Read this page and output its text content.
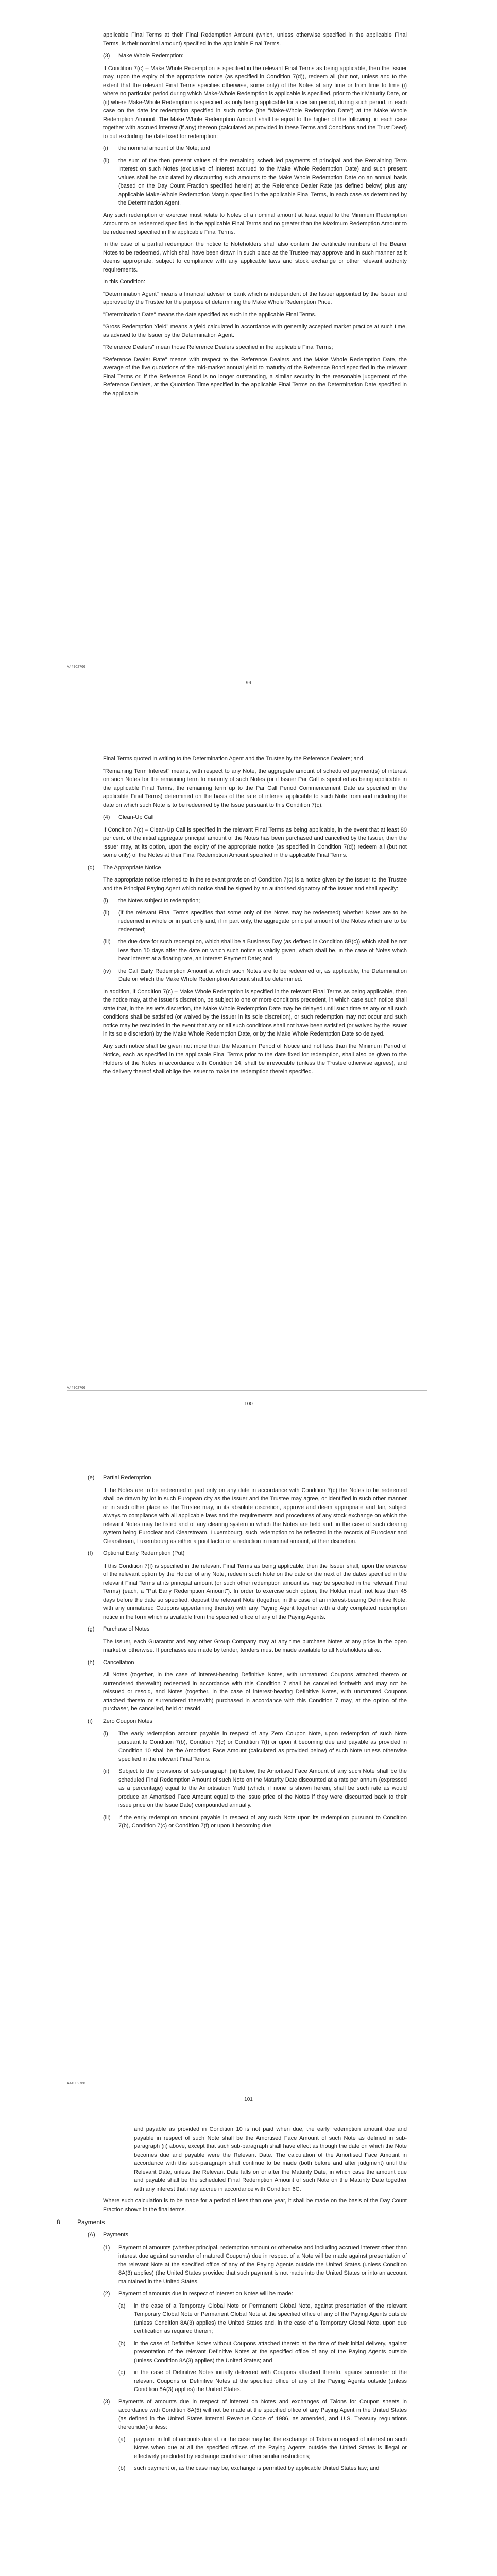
applicable Final Terms at their Final Redemption Amount (which, unless otherwise specified in the applicable Final Terms, is their nominal amount) specified in the applicable Final Terms.

(3)	Make Whole Redemption:

If Condition 7(c) – Make Whole Redemption is specified in the relevant Final Terms as being applicable, then the Issuer may, upon the expiry of the appropriate notice (as specified in Condition 7(d)), redeem all (but not, unless and to the extent that the relevant Final Terms specifies otherwise, some only) of the Notes at any time or from time to time (i) where no particular period during which Make-Whole Redemption is applicable is specified, prior to their Maturity Date, or (ii) where Make-Whole Redemption is specified as only being applicable for a certain period, during such period, in each case on the date for redemption specified in such notice (the "Make-Whole Redemption Date") at the Make Whole Redemption Amount. The Make Whole Redemption Amount shall be equal to the higher of the following, in each case together with accrued interest (if any) thereon (calculated as provided in these Terms and Conditions and the Trust Deed) to but excluding the date fixed for redemption:

(i)	the nominal amount of the Note; and
(ii)	the sum of the then present values of the remaining scheduled payments of principal and the Remaining Term Interest on such Notes (exclusive of interest accrued to the Make Whole Redemption Date) and such present values shall be calculated by discounting such amounts to the Make Whole Redemption Date on an annual basis (based on the Day Count Fraction specified herein) at the Reference Dealer Rate (as defined below) plus any applicable Make-Whole Redemption Margin specified in the applicable Final Terms, in each case as determined by the Determination Agent.

Any such redemption or exercise must relate to Notes of a nominal amount at least equal to the Minimum Redemption Amount to be redeemed specified in the applicable Final Terms and no greater than the Maximum Redemption Amount to be redeemed specified in the applicable Final Terms.

In the case of a partial redemption the notice to Noteholders shall also contain the certificate numbers of the Bearer Notes to be redeemed, which shall have been drawn in such place as the Trustee may approve and in such manner as it deems appropriate, subject to compliance with any applicable laws and stock exchange or other relevant authority requirements.

In this Condition:

"Determination Agent" means a financial adviser or bank which is independent of the Issuer appointed by the Issuer and approved by the Trustee for the purpose of determining the Make Whole Redemption Price.

"Determination Date" means the date specified as such in the applicable Final Terms.

"Gross Redemption Yield" means a yield calculated in accordance with generally accepted market practice at such time, as advised to the Issuer by the Determination Agent.

"Reference Dealers" mean those Reference Dealers specified in the applicable Final Terms;

"Reference Dealer Rate" means with respect to the Reference Dealers and the Make Whole Redemption Date, the average of the five quotations of the mid-market annual yield to maturity of the Reference Bond specified in the relevant Final Terms or, if the Reference Bond is no longer outstanding, a similar security in the reasonable judgement of the Reference Dealers, at the Quotation Time specified in the applicable Final Terms on the Determination Date specified in the applicable

A44902766
99

Final Terms quoted in writing to the Determination Agent and the Trustee by the Reference Dealers; and

"Remaining Term Interest" means, with respect to any Note, the aggregate amount of scheduled payment(s) of interest on such Notes for the remaining term to maturity of such Notes (or if Issuer Par Call is specified as being applicable in the applicable Final Terms, the remaining term up to the Par Call Period Commencement Date as specified in the applicable Final Terms) determined on the basis of the rate of interest applicable to such Note from and including the date on which such Note is to be redeemed by the Issue pursuant to this Condition 7(c).

(4)	Clean-Up Call

If Condition 7(c) – Clean-Up Call is specified in the relevant Final Terms as being applicable, in the event that at least 80 per cent. of the initial aggregate principal amount of the Notes has been purchased and cancelled by the Issuer, then the Issuer may, at its option, upon the expiry of the appropriate notice (as specified in Condition 7(d)) redeem all (but not some only) of the Notes at their Final Redemption Amount specified in the applicable Final Terms.

(d)	The Appropriate Notice

The appropriate notice referred to in the relevant provision of Condition 7(c) is a notice given by the Issuer to the Trustee and the Principal Paying Agent which notice shall be signed by an authorised signatory of the Issuer and shall specify:

(i)	the Notes subject to redemption;
(ii)	(if the relevant Final Terms specifies that some only of the Notes may be redeemed) whether Notes are to be redeemed in whole or in part only and, if in part only, the aggregate principal amount of the Notes which are to be redeemed;
(iii)	the due date for such redemption, which shall be a Business Day (as defined in Condition 8B(c)) which shall be not less than 10 days after the date on which such notice is validly given, which shall be, in the case of Notes which bear interest at a floating rate, an Interest Payment Date; and
(iv)	the Call Early Redemption Amount at which such Notes are to be redeemed or, as applicable, the Determination Date on which the Make Whole Redemption Amount shall be determined.

In addition, if Condition 7(c) – Make Whole Redemption is specified in the relevant Final Terms as being applicable, then the notice may, at the Issuer's discretion, be subject to one or more conditions precedent, in which case such notice shall state that, in the Issuer's discretion, the Make Whole Redemption Date may be delayed until such time as any or all such conditions shall be satisfied (or waived by the Issuer in its sole discretion), or such redemption may not occur and such notice may be rescinded in the event that any or all such conditions shall not have been satisfied (or waived by the Issuer in its sole discretion) by the Make Whole Redemption Date, or by the Make Whole Redemption Date so delayed.

Any such notice shall be given not more than the Maximum Period of Notice and not less than the Minimum Period of Notice, each as specified in the applicable Final Terms prior to the date fixed for redemption, shall also be given to the Holders of the Notes in accordance with Condition 14, shall be irrevocable (unless the Trustee otherwise agrees), and the delivery thereof shall oblige the Issuer to make the redemption therein specified.

A44902766
100
(e)	Partial Redemption

If the Notes are to be redeemed in part only on any date in accordance with Condition 7(c) the Notes to be redeemed shall be drawn by lot in such European city as the Issuer and the Trustee may agree, or identified in such other manner or in such other place as the Trustee may, in its absolute discretion, approve and deem appropriate and fair, subject always to compliance with all applicable laws and the requirements and procedures of any stock exchange on which the relevant Notes may be listed and of any clearing system in which the Notes are held and, in the case of such clearing system being Euroclear and Clearstream, Luxembourg, such redemption to be reflected in the records of Euroclear and Clearstream, Luxembourg as either a pool factor or a reduction in nominal amount, at their discretion.

(f)	Optional Early Redemption (Put)

If this Condition 7(f) is specified in the relevant Final Terms as being applicable, then the Issuer shall, upon the exercise of the relevant option by the Holder of any Note, redeem such Note on the date or the next of the dates specified in the relevant Final Terms at its principal amount (or such other redemption amount as may be specified in the relevant Final Terms) (each, a "Put Early Redemption Amount"). In order to exercise such option, the Holder must, not less than 45 days before the date so specified, deposit the relevant Note (together, in the case of an interest-bearing Definitive Note, with any unmatured Coupons appertaining thereto) with any Paying Agent together with a duly completed redemption notice in the form which is available from the specified office of any of the Paying Agents.

(g)	Purchase of Notes

The Issuer, each Guarantor and any other Group Company may at any time purchase Notes at any price in the open market or otherwise. If purchases are made by tender, tenders must be made available to all Noteholders alike.

(h)	Cancellation

All Notes (together, in the case of interest-bearing Definitive Notes, with unmatured Coupons attached thereto or surrendered therewith) redeemed in accordance with this Condition 7 shall be cancelled forthwith and may not be reissued or resold, and Notes (together, in the case of interest-bearing Definitive Notes, with unmatured Coupons attached thereto or surrendered therewith) purchased in accordance with this Condition 7 may, at the option of the purchaser, be cancelled, held or resold.

(i)	Zero Coupon Notes
(i)	The early redemption amount payable in respect of any Zero Coupon Note, upon redemption of such Note pursuant to Condition 7(b), Condition 7(c) or Condition 7(f) or upon it becoming due and payable as provided in Condition 10 shall be the Amortised Face Amount (calculated as provided below) of such Note unless otherwise specified in the relevant Final Terms.
(ii)	Subject to the provisions of sub-paragraph (iii) below, the Amortised Face Amount of any such Note shall be the scheduled Final Redemption Amount of such Note on the Maturity Date discounted at a rate per annum (expressed as a percentage) equal to the Amortisation Yield (which, if none is shown herein, shall be such rate as would produce an Amortised Face Amount equal to the issue price of the Notes if they were discounted back to their issue price on the Issue Date) compounded annually.
(iii)	If the early redemption amount payable in respect of any such Note upon its redemption pursuant to Condition 7(b), Condition 7(c) or Condition 7(f) or upon it becoming due
A44902766
101

and payable as provided in Condition 10 is not paid when due, the early redemption amount due and payable in respect of such Note shall be the Amortised Face Amount of such Note as defined in sub-paragraph (ii) above, except that such sub-paragraph shall have effect as though the date on which the Note becomes due and payable were the Relevant Date. The calculation of the Amortised Face Amount in accordance with this sub-paragraph shall continue to be made (both before and after judgment) until the Relevant Date, unless the Relevant Date falls on or after the Maturity Date, in which case the amount due and payable shall be the scheduled Final Redemption Amount of such Note on the Maturity Date together with any interest that may accrue in accordance with Condition 6C.

Where such calculation is to be made for a period of less than one year, it shall be made on the basis of the Day Count Fraction shown in the final terms.

8	Payments
(A)	Payments
(1)	Payment of amounts (whether principal, redemption amount or otherwise and including accrued interest other than interest due against surrender of matured Coupons) due in respect of a Note will be made against presentation of the relevant Note at the specified office of any of the Paying Agents outside the United States (unless Condition 8A(3) applies) (the United States provided that such payment is not made into the United States or into an account maintained in the United States.
(2)	Payment of amounts due in respect of interest on Notes will be made:
(a)	in the case of a Temporary Global Note or Permanent Global Note, against presentation of the relevant Temporary Global Note or Permanent Global Note at the specified office of any of the Paying Agents outside (unless Condition 8A(3) applies) the United States and, in the case of a Temporary Global Note, upon due certification as required therein;
(b)	in the case of Definitive Notes without Coupons attached thereto at the time of their initial delivery, against presentation of the relevant Definitive Notes at the specified office of any of the Paying Agents outside (unless Condition 8A(3) applies) the United States; and
(c)	in the case of Definitive Notes initially delivered with Coupons attached thereto, against surrender of the relevant Coupons or Definitive Notes at the specified office of any of the Paying Agents outside (unless Condition 8A(3) applies) the United States.
(3)	Payments of amounts due in respect of interest on Notes and exchanges of Talons for Coupon sheets in accordance with Condition 8A(5) will not be made at the specified office of any Paying Agent in the United States (as defined in the United States Internal Revenue Code of 1986, as amended, and U.S. Treasury regulations thereunder) unless:
(a)	payment in full of amounts due at, or the case may be, the exchange of Talons in respect of interest on such Notes when due at all the specified offices of the Paying Agents outside the United States is illegal or effectively precluded by exchange controls or other similar restrictions;
(b)	such payment or, as the case may be, exchange is permitted by applicable United States law; and
